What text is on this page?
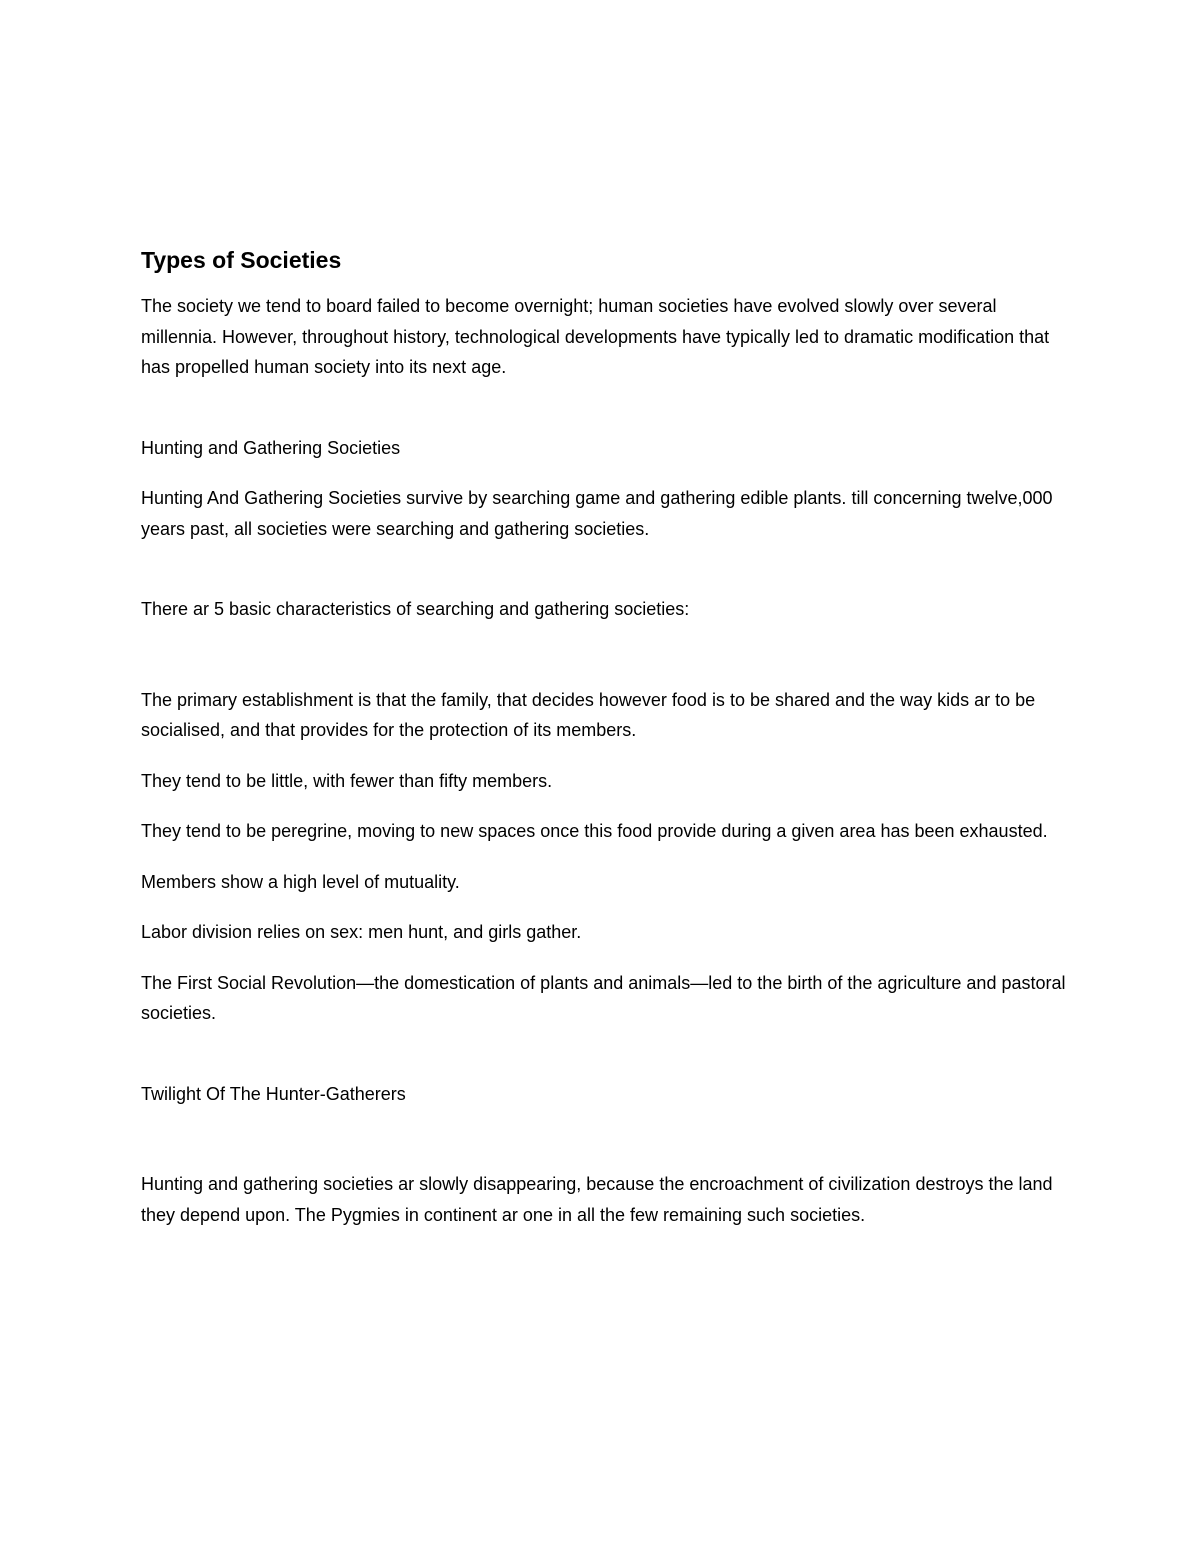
Types of Societies

The society we tend to board failed to become overnight; human societies have evolved slowly over several millennia. However, throughout history, technological developments have typically led to dramatic modification that has propelled human society into its next age.

Hunting and Gathering Societies

Hunting And Gathering Societies survive by searching game and gathering edible plants. till concerning twelve,000 years past, all societies were searching and gathering societies.

There ar 5 basic characteristics of searching and gathering societies:

The primary establishment is that the family, that decides however food is to be shared and the way kids ar to be socialised, and that provides for the protection of its members.

They tend to be little, with fewer than fifty members.

They tend to be peregrine, moving to new spaces once this food provide during a given area has been exhausted.

Members show a high level of mutuality.

Labor division relies on sex: men hunt, and girls gather.

The First Social Revolution—the domestication of plants and animals—led to the birth of the agriculture and pastoral societies.

Twilight Of The Hunter-Gatherers

Hunting and gathering societies ar slowly disappearing, because the encroachment of civilization destroys the land they depend upon. The Pygmies in continent ar one in all the few remaining such societies.
